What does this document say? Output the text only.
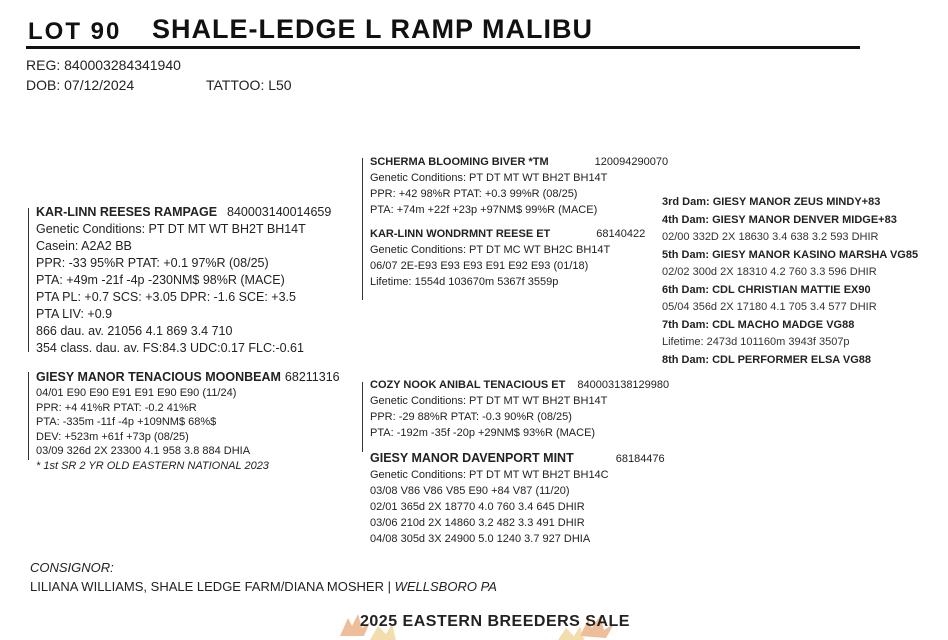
LOT 90 SHALE-LEDGE L RAMP MALIBU
REG: 840003284341940
DOB: 07/12/2024	TATTOO: L50
KAR-LINN REESES RAMPAGE 840003140014659
Genetic Conditions: PT DT MT WT BH2T BH14T
Casein: A2A2 BB
PPR: -33 95%R PTAT: +0.1 97%R (08/25)
PTA: +49m -21f -4p -230NM$ 98%R (MACE)
PTA PL: +0.7 SCS: +3.05 DPR: -1.6 SCE: +3.5
PTA LIV: +0.9
866 dau. av. 21056 4.1 869 3.4 710
354 class. dau. av. FS:84.3 UDC:0.17 FLC:-0.61
GIESY MANOR TENACIOUS MOONBEAM 68211316
04/01 E90 E90 E91 E91 E90 E90 (11/24)
PPR: +4 41%R PTAT: -0.2 41%R
PTA: -335m -11f -4p +109NM$ 68%$
DEV: +523m +61f +73p (08/25)
03/09 326d 2X 23300 4.1 958 3.8 884 DHIA
* 1st SR 2 YR OLD EASTERN NATIONAL 2023
SCHERMA BLOOMING BIVER *TM	120094290070
Genetic Conditions: PT DT MT WT BH2T BH14T
PPR: +42 98%R PTAT: +0.3 99%R (08/25)
PTA: +74m +22f +23p +97NM$ 99%R (MACE)
KAR-LINN WONDRMNT REESE ET	68140422
Genetic Conditions: PT DT MC WT BH2C BH14T
06/07 2E-E93 E93 E93 E91 E92 E93 (01/18)
Lifetime: 1554d 103670m 5367f 3559p
COZY NOOK ANIBAL TENACIOUS ET 840003138129980
Genetic Conditions: PT DT MT WT BH2T BH14T
PPR: -29 88%R PTAT: -0.3 90%R (08/25)
PTA: -192m -35f -20p +29NM$ 93%R (MACE)
GIESY MANOR DAVENPORT MINT	68184476
Genetic Conditions: PT DT MT WT BH2T BH14C
03/08 V86 V86 V85 E90 +84 V87 (11/20)
02/01 365d 2X 18770 4.0 760 3.4 645 DHIR
03/06 210d 2X 14860 3.2 482 3.3 491 DHIR
04/08 305d 3X 24900 5.0 1240 3.7 927 DHIA
3rd Dam: GIESY MANOR ZEUS MINDY+83
4th Dam: GIESY MANOR DENVER MIDGE+83
02/00 332D 2X 18630 3.4 638 3.2 593 DHIR
5th Dam: GIESY MANOR KASINO MARSHA VG85
02/02 300d 2X 18310 4.2 760 3.3 596 DHIR
6th Dam: CDL CHRISTIAN MATTIE EX90
05/04 356d 2X 17180 4.1 705 3.4 577 DHIR
7th Dam: CDL MACHO MADGE VG88
Lifetime: 2473d 101160m 3943f 3507p
8th Dam: CDL PERFORMER ELSA VG88
CONSIGNOR:
LILIANA WILLIAMS, SHALE LEDGE FARM/DIANA MOSHER | WELLSBORO PA
2025 EASTERN BREEDERS SALE
